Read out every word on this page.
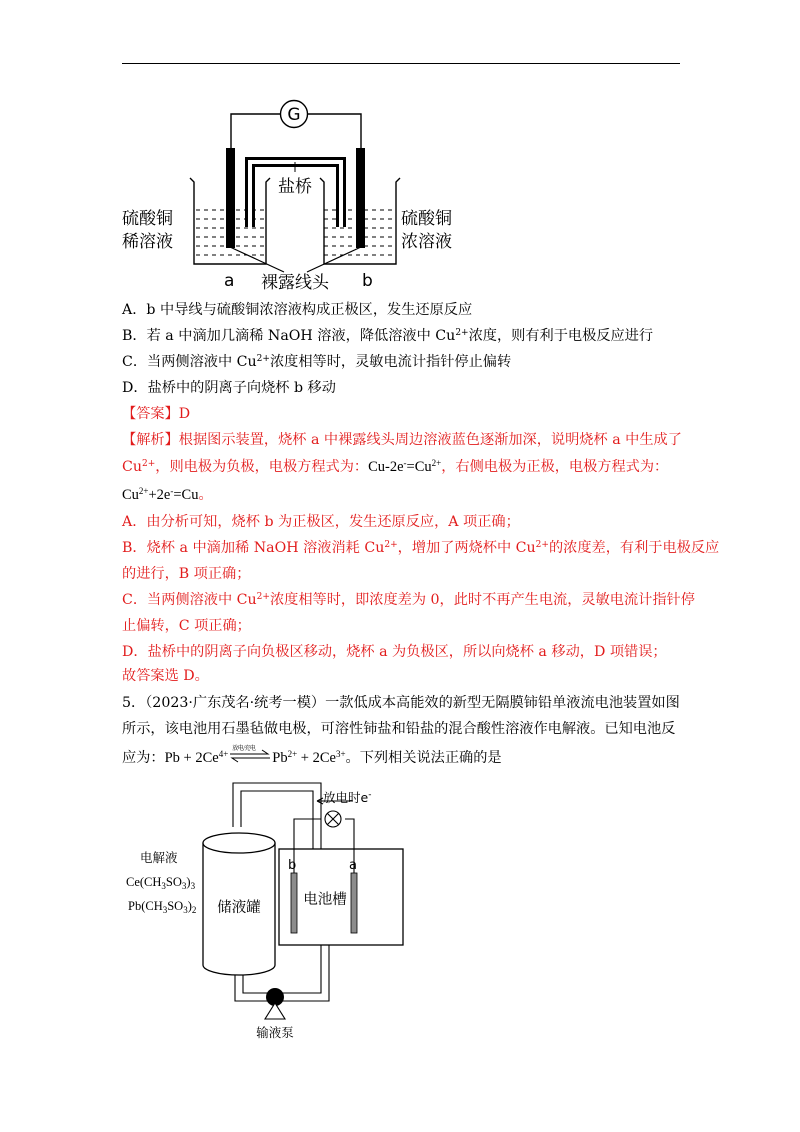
G
盐桥
a	b
裸露线头
硫酸铜
稀溶液
硫酸铜
浓溶液
A．b 中导线与硫酸铜浓溶液构成正极区，发生还原反应
B．若 a 中滴加几滴稀 NaOH 溶液，降低溶液中 $Cu^{2+}$浓度，则有利于电极反应进行
C．当两侧溶液中 $Cu^{2+}$浓度相等时，灵敏电流计指针停止偏转
D．盐桥中的阴离子向烧杯 b 移动
【答案】D
【解析】根据图示装置，烧杯 a 中裸露线头周边溶液蓝色逐渐加深，说明烧杯 a 中生成了
$Cu^{2+}$，则电极为负极，电极方程式为：$Cu-2e^-=Cu^{2+}$，右侧电极为正极，电极方程式为：
$Cu^{2+}+2e^-=Cu$。
A．由分析可知，烧杯 b 为正极区，发生还原反应，A 项正确；
B．烧杯 a 中滴加稀 NaOH 溶液消耗 $Cu^{2+}$，增加了两烧杯中 $Cu^{2+}$的浓度差，有利于电极反应
的进行，B 项正确；
C．当两侧溶液中 $Cu^{2+}$浓度相等时，即浓度差为 0，此时不再产生电流，灵敏电流计指针停
止偏转，C 项正确；
D．盐桥中的阴离子向负极区移动，烧杯 a 为负极区，所以向烧杯 a 移动，D 项错误；
故答案选 D。
5．（2023·广东茂名·统考一模）一款低成本高能效的新型无隔膜铈铅单液流电池装置如图
所示，该电池用石墨毡做电极，可溶性铈盐和铅盐的混合酸性溶液作电解液。已知电池反
应为：$Pb + 2Ce^{4+}$ 放电/充电
$Pb^{2+} + 2Ce^{3+}$。下列相关说法正确的是
储液罐
b	a
电池槽
输液泵
放电时e-
电解液
$Ce(CH_3SO_3)_3$
$Pb(CH_3SO_3)_2$
